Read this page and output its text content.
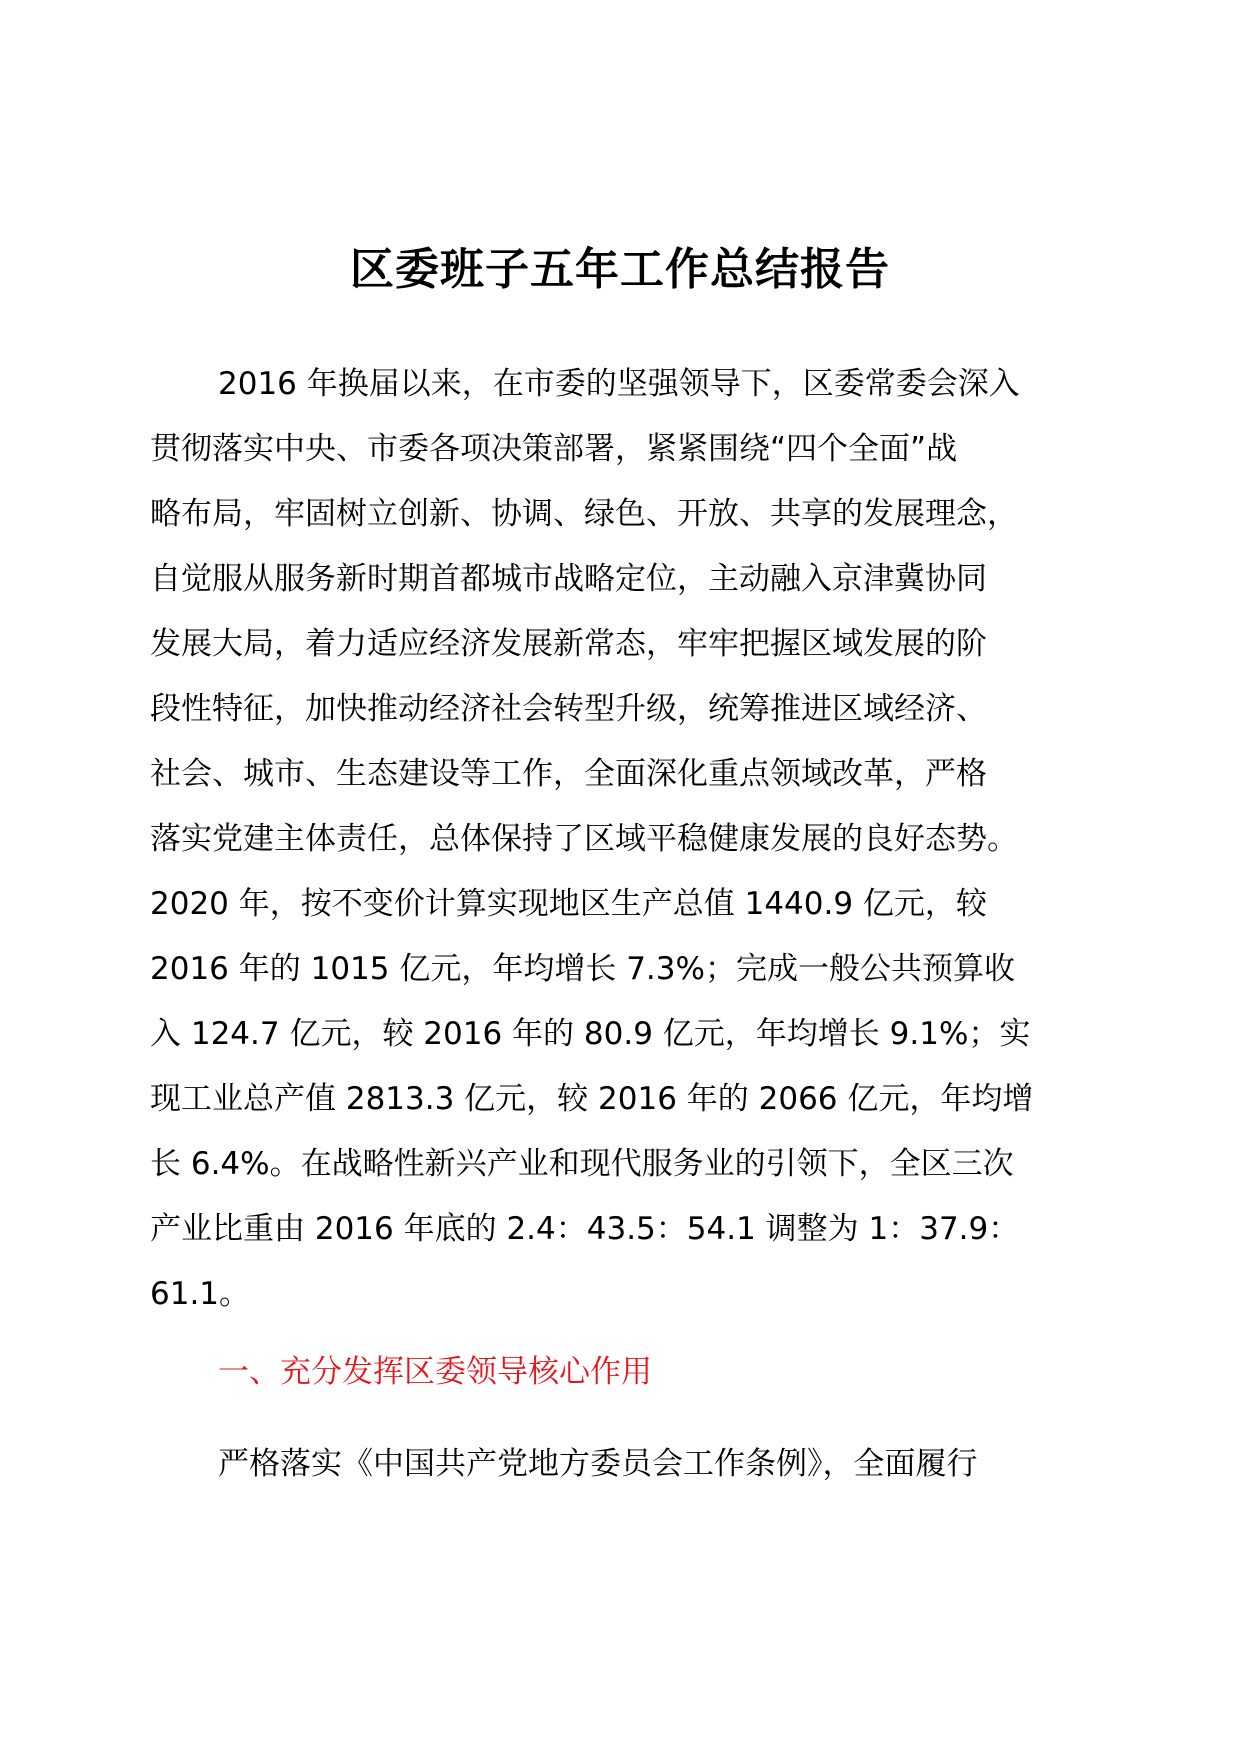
区委班子五年工作总结报告
2016 年换届以来，在市委的坚强领导下，区委常委会深入
贯彻落实中央、市委各项决策部署，紧紧围绕“四个全面”战
略布局，牢固树立创新、协调、绿色、开放、共享的发展理念，
自觉服从服务新时期首都城市战略定位，主动融入京津冀协同
发展大局，着力适应经济发展新常态，牢牢把握区域发展的阶
段性特征，加快推动经济社会转型升级，统筹推进区域经济、
社会、城市、生态建设等工作，全面深化重点领域改革，严格
落实党建主体责任，总体保持了区域平稳健康发展的良好态势。
2020 年，按不变价计算实现地区生产总值 1440.9 亿元，较
2016 年的 1015 亿元，年均增长 7.3%；完成一般公共预算收
入 124.7 亿元，较 2016 年的 80.9 亿元，年均增长 9.1%；实
现工业总产值 2813.3 亿元，较 2016 年的 2066 亿元，年均增
长 6.4%。在战略性新兴产业和现代服务业的引领下，全区三次
产业比重由 2016 年底的 2.4：43.5：54.1 调整为 1：37.9：
61.1。
一、充分发挥区委领导核心作用
严格落实《中国共产党地方委员会工作条例》，全面履行
